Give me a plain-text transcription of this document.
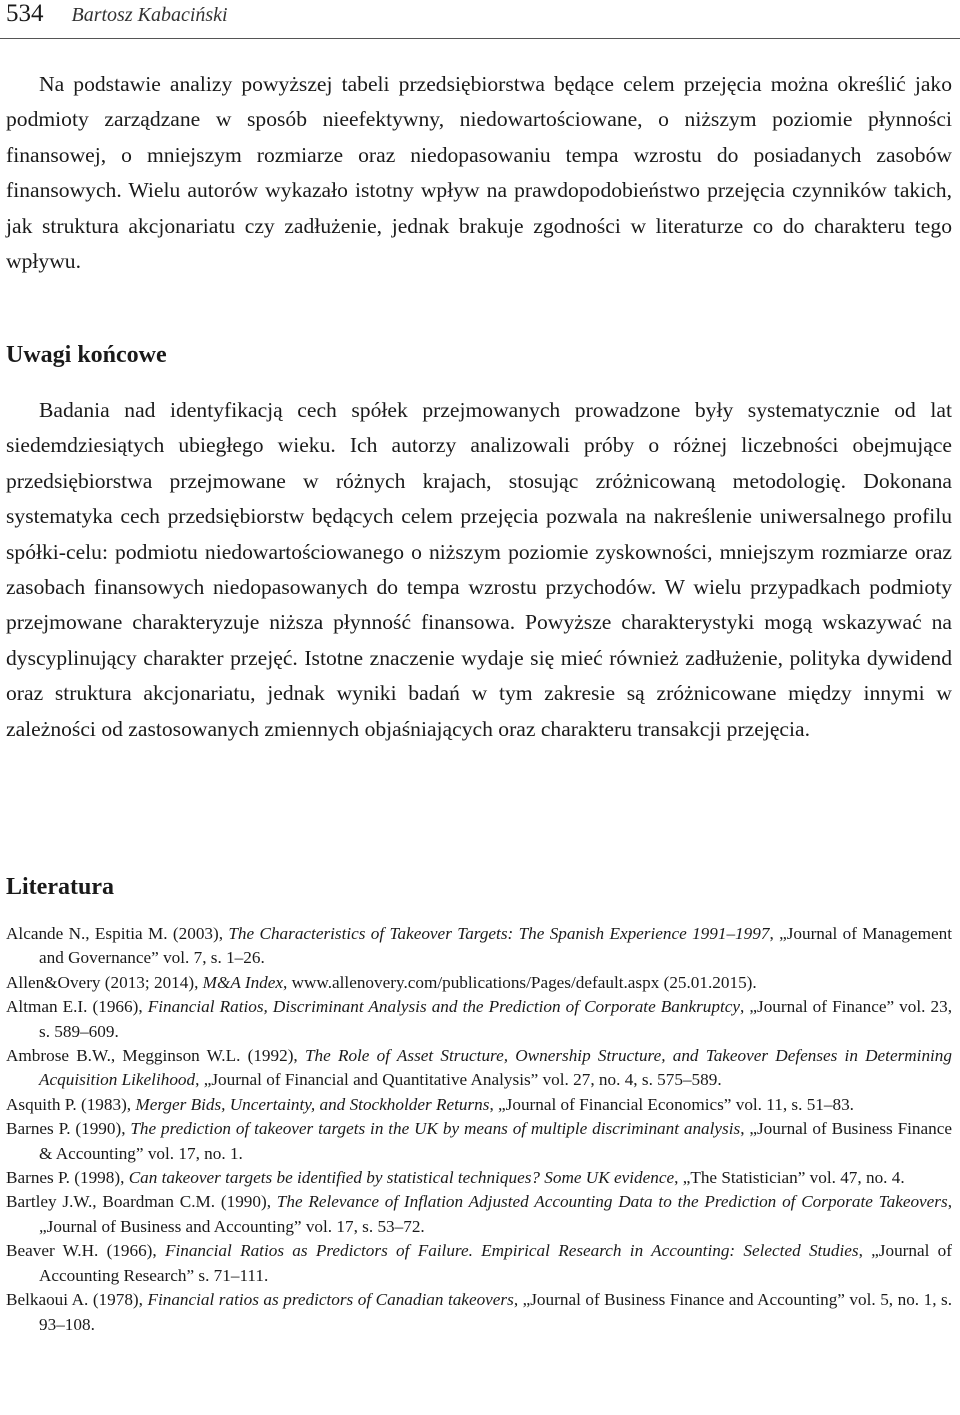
534 Bartosz Kabaciński

Na podstawie analizy powyższej tabeli przedsiębiorstwa będące celem przejęcia można określić jako podmioty zarządzane w sposób nieefektywny, niedowartościowane, o niższym poziomie płynności finansowej, o mniejszym rozmiarze oraz niedopasowaniu tempa wzrostu do posiadanych zasobów finansowych. Wielu autorów wykazało istotny wpływ na prawdopodobieństwo przejęcia czynników takich, jak struktura akcjonariatu czy zadłużenie, jednak brakuje zgodności w literaturze co do charakteru tego wpływu.

Uwagi końcowe

Badania nad identyfikacją cech spółek przejmowanych prowadzone były systematycznie od lat siedemdziesiątych ubiegłego wieku. Ich autorzy analizowali próby o różnej liczebności obejmujące przedsiębiorstwa przejmowane w różnych krajach, stosując zróżnicowaną metodologię. Dokonana systematyka cech przedsiębiorstw będących celem przejęcia pozwala na nakreślenie uniwersalnego profilu spółki-celu: podmiotu niedowartościowanego o niższym poziomie zyskowności, mniejszym rozmiarze oraz zasobach finansowych niedopasowanych do tempa wzrostu przychodów. W wielu przypadkach podmioty przejmowane charakteryzuje niższa płynność finansowa. Powyższe charakterystyki mogą wskazywać na dyscyplinujący charakter przejęć. Istotne znaczenie wydaje się mieć również zadłużenie, polityka dywidend oraz struktura akcjonariatu, jednak wyniki badań w tym zakresie są zróżnicowane między innymi w zależności od zastosowanych zmiennych objaśniających oraz charakteru transakcji przejęcia.

Literatura
Alcande N., Espitia M. (2003), The Characteristics of Takeover Targets: The Spanish Experience 1991–1997, „Journal of Management and Governance” vol. 7, s. 1–26.
Allen&Overy (2013; 2014), M&A Index, www.allenovery.com/publications/Pages/default.aspx (25.01.2015).
Altman E.I. (1966), Financial Ratios, Discriminant Analysis and the Prediction of Corporate Bankruptcy, „Journal of Finance” vol. 23, s. 589–609.
Ambrose B.W., Megginson W.L. (1992), The Role of Asset Structure, Ownership Structure, and Takeover Defenses in Determining Acquisition Likelihood, „Journal of Financial and Quantitative Analysis” vol. 27, no. 4, s. 575–589.
Asquith P. (1983), Merger Bids, Uncertainty, and Stockholder Returns, „Journal of Financial Economics” vol. 11, s. 51–83.
Barnes P. (1990), The prediction of takeover targets in the UK by means of multiple discriminant analysis, „Journal of Business Finance & Accounting” vol. 17, no. 1.
Barnes P. (1998), Can takeover targets be identified by statistical techniques? Some UK evidence, „The Statistician” vol. 47, no. 4.
Bartley J.W., Boardman C.M. (1990), The Relevance of Inflation Adjusted Accounting Data to the Prediction of Corporate Takeovers, „Journal of Business and Accounting” vol. 17, s. 53–72.
Beaver W.H. (1966), Financial Ratios as Predictors of Failure. Empirical Research in Accounting: Selected Studies, „Journal of Accounting Research” s. 71–111.
Belkaoui A. (1978), Financial ratios as predictors of Canadian takeovers, „Journal of Business Finance and Accounting” vol. 5, no. 1, s. 93–108.
